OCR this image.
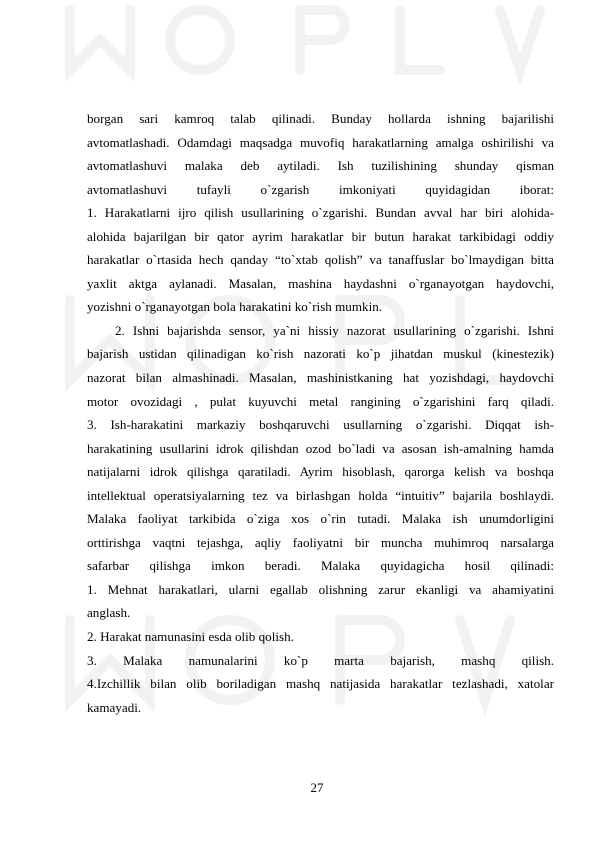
borgan sari kamroq talab qilinadi. Bunday hollarda ishning bajarilishi
avtomatlashadi. Odamdagi maqsadga muvofiq harakatlarning amalga oshirilishi va
avtomatlashuvi malaka deb aytiladi. Ish tuzilishining shunday qisman
avtomatlashuvi tufayli o`zgarish imkoniyati quyidagidan iborat:
1. Harakatlarni ijro qilish usullarining o`zgarishi. Bundan avval har biri alohida-
alohida bajarilgan bir qator ayrim harakatlar bir butun harakat tarkibidagi oddiy
harakatlar o`rtasida hech qanday “to`xtab qolish” va tanaffuslar bo`lmaydigan bitta
yaxlit aktga aylanadi. Masalan, mashina haydashni o`rganayotgan haydovchi,
yozishni o`rganayotgan bola harakatini ko`rish mumkin.
2. Ishni bajarishda sensor, ya`ni hissiy nazorat usullarining o`zgarishi. Ishni
bajarish ustidan qilinadigan ko`rish nazorati ko`p jihatdan muskul (kinestezik)
nazorat bilan almashinadi. Masalan, mashinistkaning hat yozishdagi, haydovchi
motor ovozidagi , pulat kuyuvchi metal rangining o`zgarishini farq qiladi.
3. Ish-harakatini markaziy boshqaruvchi usullarning o`zgarishi. Diqqat ish-
harakatining usullarini idrok qilishdan ozod bo`ladi va asosan ish-amalning hamda
natijalarni idrok qilishga qaratiladi. Ayrim hisoblash, qarorga kelish va boshqa
intellektual operatsiyalarning tez va birlashgan holda “intuitiv” bajarila boshlaydi.
Malaka faoliyat tarkibida o`ziga xos o`rin tutadi. Malaka ish unumdorligini
orttirishga vaqtni tejashga, aqliy faoliyatni bir muncha muhimroq narsalarga
safarbar qilishga imkon beradi. Malaka quyidagicha hosil qilinadi:
1. Mehnat harakatlari, ularni egallab olishning zarur ekanligi va ahamiyatini
anglash.
2. Harakat namunasini esda olib qolish.
3. Malaka namunalarini ko`p marta bajarish, mashq qilish.
4.Izchillik bilan olib boriladigan mashq natijasida harakatlar tezlashadi, xatolar
kamayadi.
27
